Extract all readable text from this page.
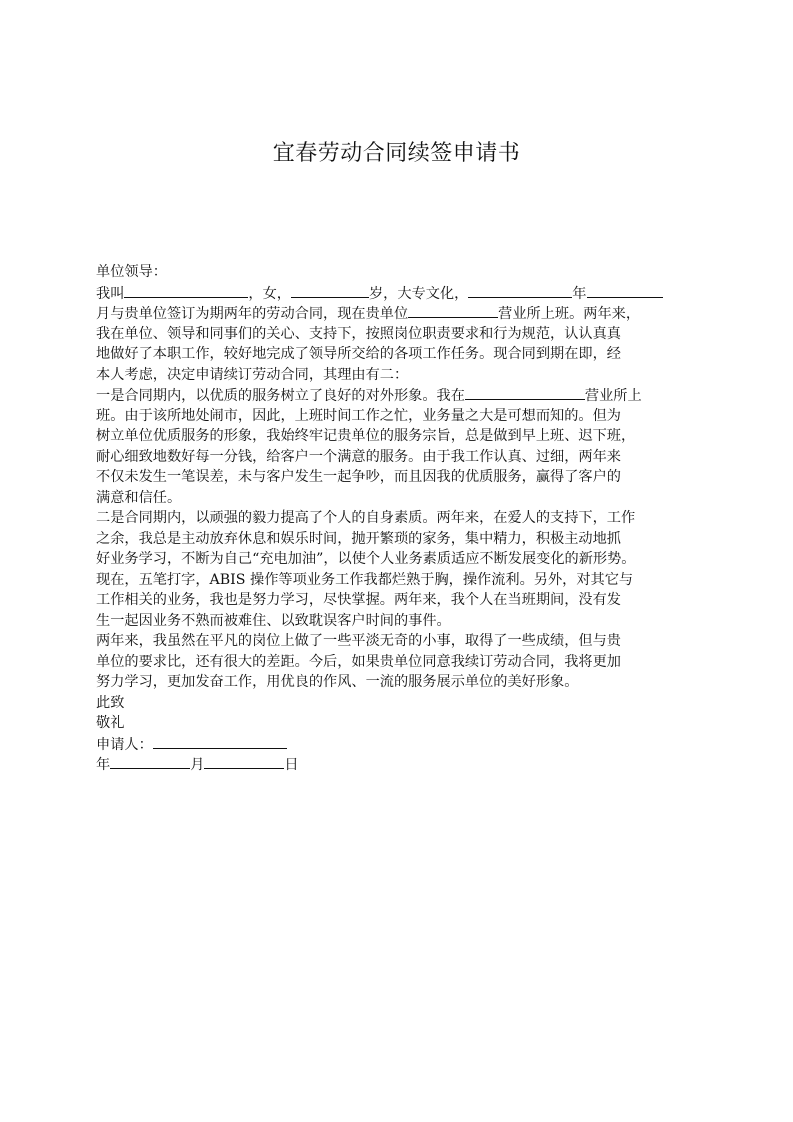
宜春劳动合同续签申请书
单位领导：
我叫	，女，	岁，大专文化，	年
月与贵单位签订为期两年的劳动合同，现在贵单位	营业所上班。两年来，
我在单位、领导和同事们的关心、支持下，按照岗位职责要求和行为规范，认认真真
地做好了本职工作，较好地完成了领导所交给的各项工作任务。现合同到期在即，经
本人考虑，决定申请续订劳动合同，其理由有二：
一是合同期内，以优质的服务树立了良好的对外形象。我在	营业所上
班。由于该所地处闹市，因此，上班时间工作之忙，业务量之大是可想而知的。但为
树立单位优质服务的形象，我始终牢记贵单位的服务宗旨，总是做到早上班、迟下班，
耐心细致地数好每一分钱，给客户一个满意的服务。由于我工作认真、过细，两年来
不仅未发生一笔误差，未与客户发生一起争吵，而且因我的优质服务，赢得了客户的
满意和信任。
二是合同期内，以顽强的毅力提高了个人的自身素质。两年来，在爱人的支持下，工作
之余，我总是主动放弃休息和娱乐时间，抛开繁琐的家务，集中精力，积极主动地抓
好业务学习，不断为自己“充电加油”，以使个人业务素质适应不断发展变化的新形势。
现在，五笔打字，ABIS 操作等项业务工作我都烂熟于胸，操作流利。另外，对其它与
工作相关的业务，我也是努力学习，尽快掌握。两年来，我个人在当班期间，没有发
生一起因业务不熟而被难住、以致耽误客户时间的事件。
两年来，我虽然在平凡的岗位上做了一些平淡无奇的小事，取得了一些成绩，但与贵
单位的要求比，还有很大的差距。今后，如果贵单位同意我续订劳动合同，我将更加
努力学习，更加发奋工作，用优良的作风、一流的服务展示单位的美好形象。
此致
敬礼
申请人：
年	月	日
